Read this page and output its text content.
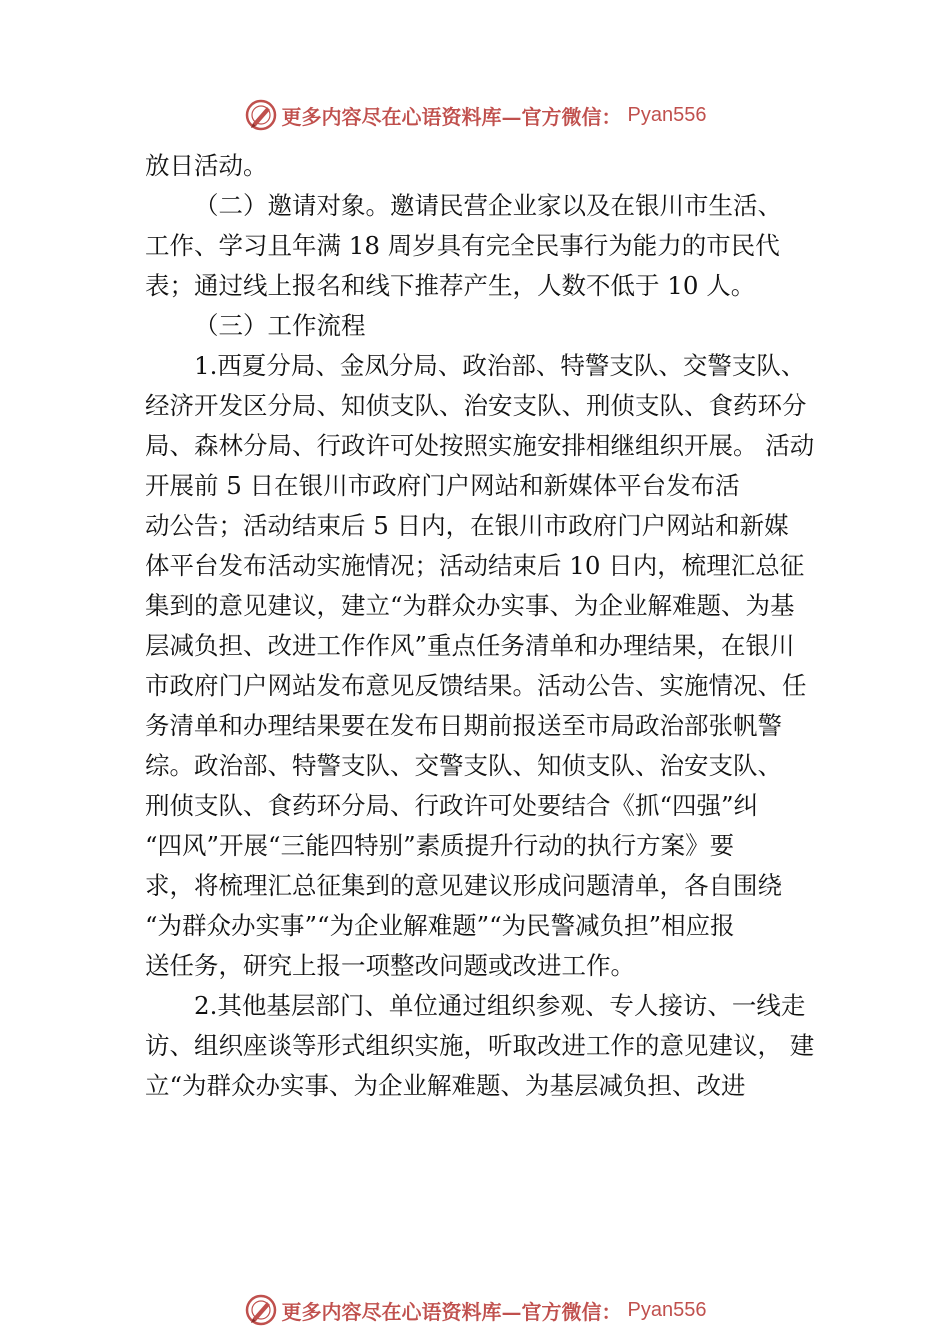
更多内容尽在心语资料库—官方微信： Pyan556
放日活动。
（二）邀请对象。邀请民营企业家以及在银川市生活、
工作、学习且年满 18 周岁具有完全民事行为能力的市民代
表；通过线上报名和线下推荐产生，人数不低于 10 人。
（三）工作流程
1.西夏分局、金凤分局、政治部、特警支队、交警支队、
经济开发区分局、知侦支队、治安支队、刑侦支队、食药环分
局、森林分局、行政许可处按照实施安排相继组织开展。 活动
开展前 5 日在银川市政府门户网站和新媒体平台发布活
动公告；活动结束后 5 日内，在银川市政府门户网站和新媒
体平台发布活动实施情况；活动结束后 10 日内，梳理汇总征
集到的意见建议，建立“为群众办实事、为企业解难题、为基
层减负担、改进工作作风”重点任务清单和办理结果，在银川
市政府门户网站发布意见反馈结果。活动公告、实施情况、任
务清单和办理结果要在发布日期前报送至市局政治部张帆警
综。政治部、特警支队、交警支队、知侦支队、治安支队、
刑侦支队、食药环分局、行政许可处要结合《抓“四强”纠
“四风”开展“三能四特别”素质提升行动的执行方案》要
求，将梳理汇总征集到的意见建议形成问题清单，各自围绕
“为群众办实事”“为企业解难题”“为民警减负担”相应报
送任务，研究上报一项整改问题或改进工作。
2.其他基层部门、单位通过组织参观、专人接访、一线走
访、组织座谈等形式组织实施，听取改进工作的意见建议， 建
立“为群众办实事、为企业解难题、为基层减负担、改进
更多内容尽在心语资料库—官方微信： Pyan556
